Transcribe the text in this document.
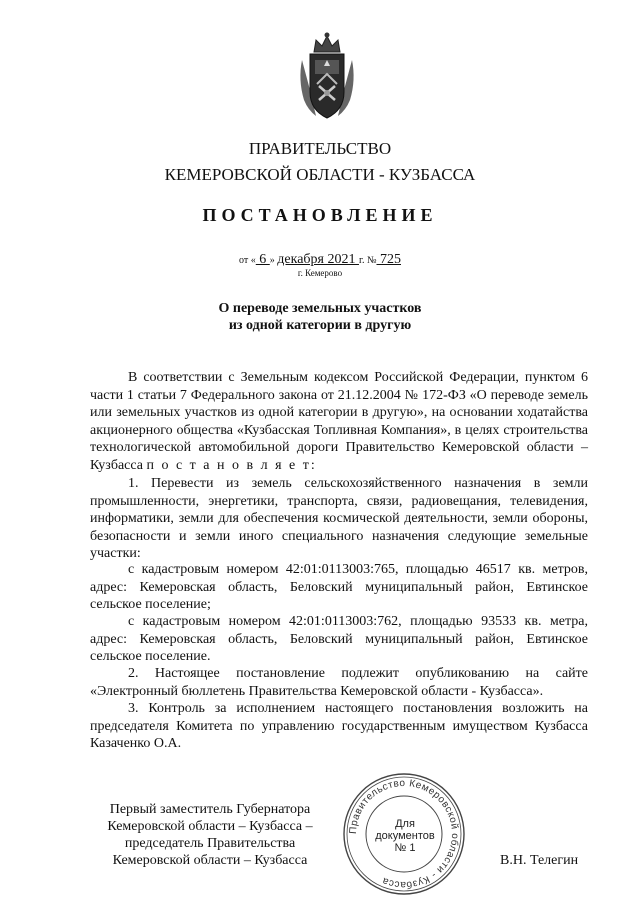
ПРАВИТЕЛЬСТВО
КЕМЕРОВСКОЙ ОБЛАСТИ - КУЗБАССА
ПОСТАНОВЛЕНИЕ
от « 6 » декабря 2021 г. № 725
г. Кемерово
О переводе земельных участков
из одной категории в другую
В соответствии с Земельным кодексом Российской Федерации, пунктом 6 части 1 статьи 7 Федерального закона от 21.12.2004 № 172-ФЗ «О переводе земель или земельных участков из одной категории в другую», на основании ходатайства акционерного общества «Кузбасская Топливная Компания», в целях строительства технологической автомобильной дороги Правительство Кемеровской области – Кузбасса п о с т а н о в л я е т:
1. Перевести из земель сельскохозяйственного назначения в земли промышленности, энергетики, транспорта, связи, радиовещания, телевидения, информатики, земли для обеспечения космической деятельности, земли обороны, безопасности и земли иного специального назначения следующие земельные участки:
с кадастровым номером 42:01:0113003:765, площадью 46517 кв. метров, адрес: Кемеровская область, Беловский муниципальный район, Евтинское сельское поселение;
с кадастровым номером 42:01:0113003:762, площадью 93533 кв. метра, адрес: Кемеровская область, Беловский муниципальный район, Евтинское сельское поселение.
2. Настоящее постановление подлежит опубликованию на сайте «Электронный бюллетень Правительства Кемеровской области - Кузбасса».
3. Контроль за исполнением настоящего постановления возложить на председателя Комитета по управлению государственным имуществом Кузбасса Казаченко О.А.
Первый заместитель Губернатора
Кемеровской области – Кузбасса –
председатель Правительства
Кемеровской области – Кузбасса	В.Н. Телегин
Правительство Кемеровской области - Кузбасса
Для
документов
№ 1
